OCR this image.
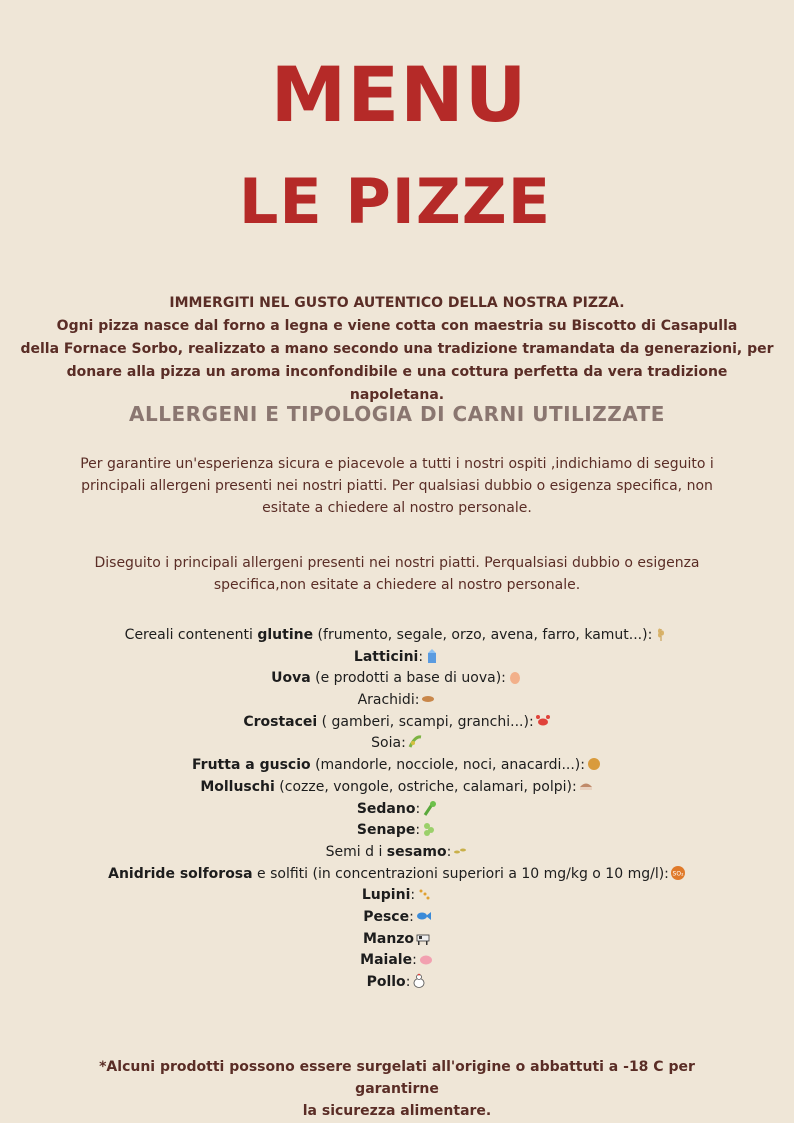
MENU
LE PIZZE

IMMERGITI NEL GUSTO AUTENTICO DELLA NOSTRA PIZZA.

Ogni pizza nasce dal forno a legna e viene cotta con maestria su Biscotto di Casapulla

della Fornace Sorbo, realizzato a mano secondo una tradizione tramandata da generazioni, per

donare alla pizza un aroma inconfondibile e una cottura perfetta da vera tradizione napoletana.

ALLERGENI E TIPOLOGIA DI CARNI UTILIZZATE
Per garantire un'esperienza sicura e piacevole a tutti i nostri ospiti ,indichiamo di seguito i principali allergeni presenti nei nostri piatti. Per qualsiasi dubbio o esigenza specifica, non esitate a chiedere al nostro personale.
Diseguito i principali allergeni presenti nei nostri piatti. Perqualsiasi dubbio o esigenza specifica,non esitate a chiedere al nostro personale.
Cereali contenenti glutine (frumento, segale, orzo, avena, farro, kamut...):
Latticini:
Uova (e prodotti a base di uova):
Arachidi:
Crostacei ( gamberi, scampi, granchi...):
Soia:
Frutta a guscio (mandorle, nocciole, noci, anacardi...):
Molluschi (cozze, vongole, ostriche, calamari, polpi):
Sedano:
Senape:
Semi d i sesamo:
Anidride solforosa e solfiti (in concentrazioni superiori a 10 mg/kg o 10 mg/l): SO₂
Lupini:
Pesce:
Manzo
Maiale:
Pollo:
*Alcuni prodotti possono essere surgelati all'origine o abbattuti a -18 C per garantirne
la sicurezza alimentare.
